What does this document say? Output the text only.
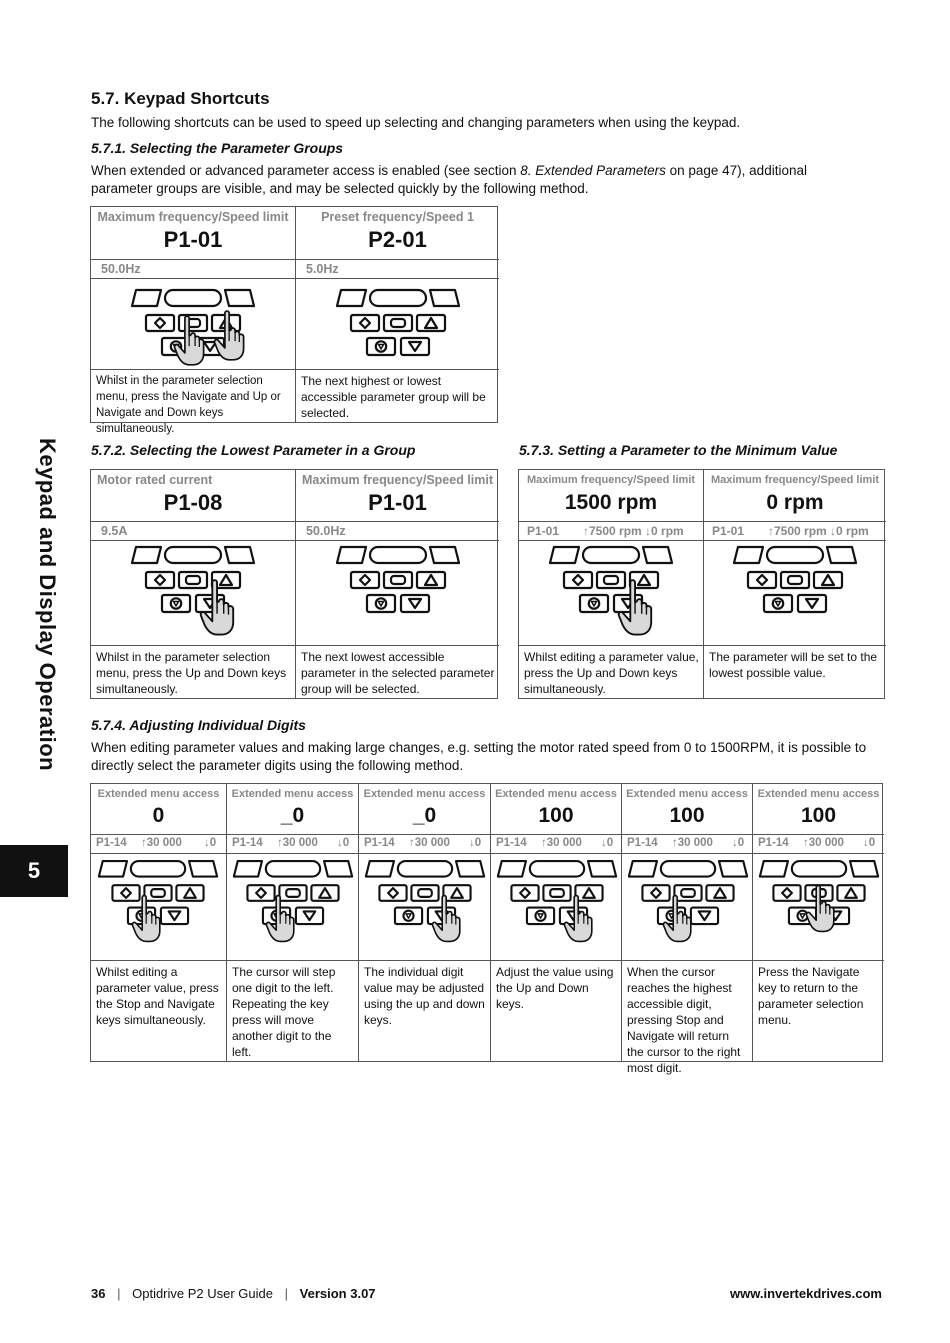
5.7. Keypad Shortcuts

The following shortcuts can be used to speed up selecting and changing parameters when using the keypad.

5.7.1. Selecting the Parameter Groups

When extended or advanced parameter access is enabled (see section 8. Extended Parameters on page 47), additional parameter groups are visible, and may be selected quickly by the following method.

Maximum frequency/Speed limit
P1-01
50.0Hz
Whilst in the parameter selection menu, press the Navigate and Up or Navigate and Down keys simultaneously.
Preset frequency/Speed 1
P2-01
5.0Hz
The next highest or lowest accessible parameter group will be selected.
5.7.2. Selecting the Lowest Parameter in a Group
Motor rated current
P1-08
9.5A
Whilst in the parameter selection menu, press the Up and Down keys simultaneously.
Maximum frequency/Speed limit
P1-01
50.0Hz
The next lowest accessible parameter in the selected parameter group will be selected.
5.7.3. Setting a Parameter to the Minimum Value
Maximum frequency/Speed limit
1500 rpm
P1-01 ↑7500 rpm ↓0 rpm
Whilst editing a parameter value, press the Up and Down keys simultaneously.
Maximum frequency/Speed limit
0 rpm
P1-01 ↑7500 rpm ↓0 rpm
The parameter will be set to the lowest possible value.
5.7.4. Adjusting Individual Digits

When editing parameter values and making large changes, e.g. setting the motor rated speed from 0 to 1500RPM, it is possible to directly select the parameter digits using the following method.

Extended menu access
0
P1-14 ↑30 000 ↓0
Whilst editing a parameter value, press the Stop and Navigate keys simultaneously.
Extended menu access
_0
P1-14 ↑30 000 ↓0
The cursor will step one digit to the left. Repeating the key press will move another digit to the left.
Extended menu access
_0
P1-14 ↑30 000 ↓0
The individual digit value may be adjusted using the up and down keys.
Extended menu access
100
P1-14 ↑30 000 ↓0
Adjust the value using the Up and Down keys.
Extended menu access
100
P1-14 ↑30 000 ↓0
When the cursor reaches the highest accessible digit, pressing Stop and Navigate will return the cursor to the right most digit.
Extended menu access
100
P1-14 ↑30 000 ↓0
Press the Navigate key to return to the parameter selection menu.
Keypad and Display Operation
5
36 | Optidrive P2 User Guide | Version 3.07	www.invertekdrives.com
